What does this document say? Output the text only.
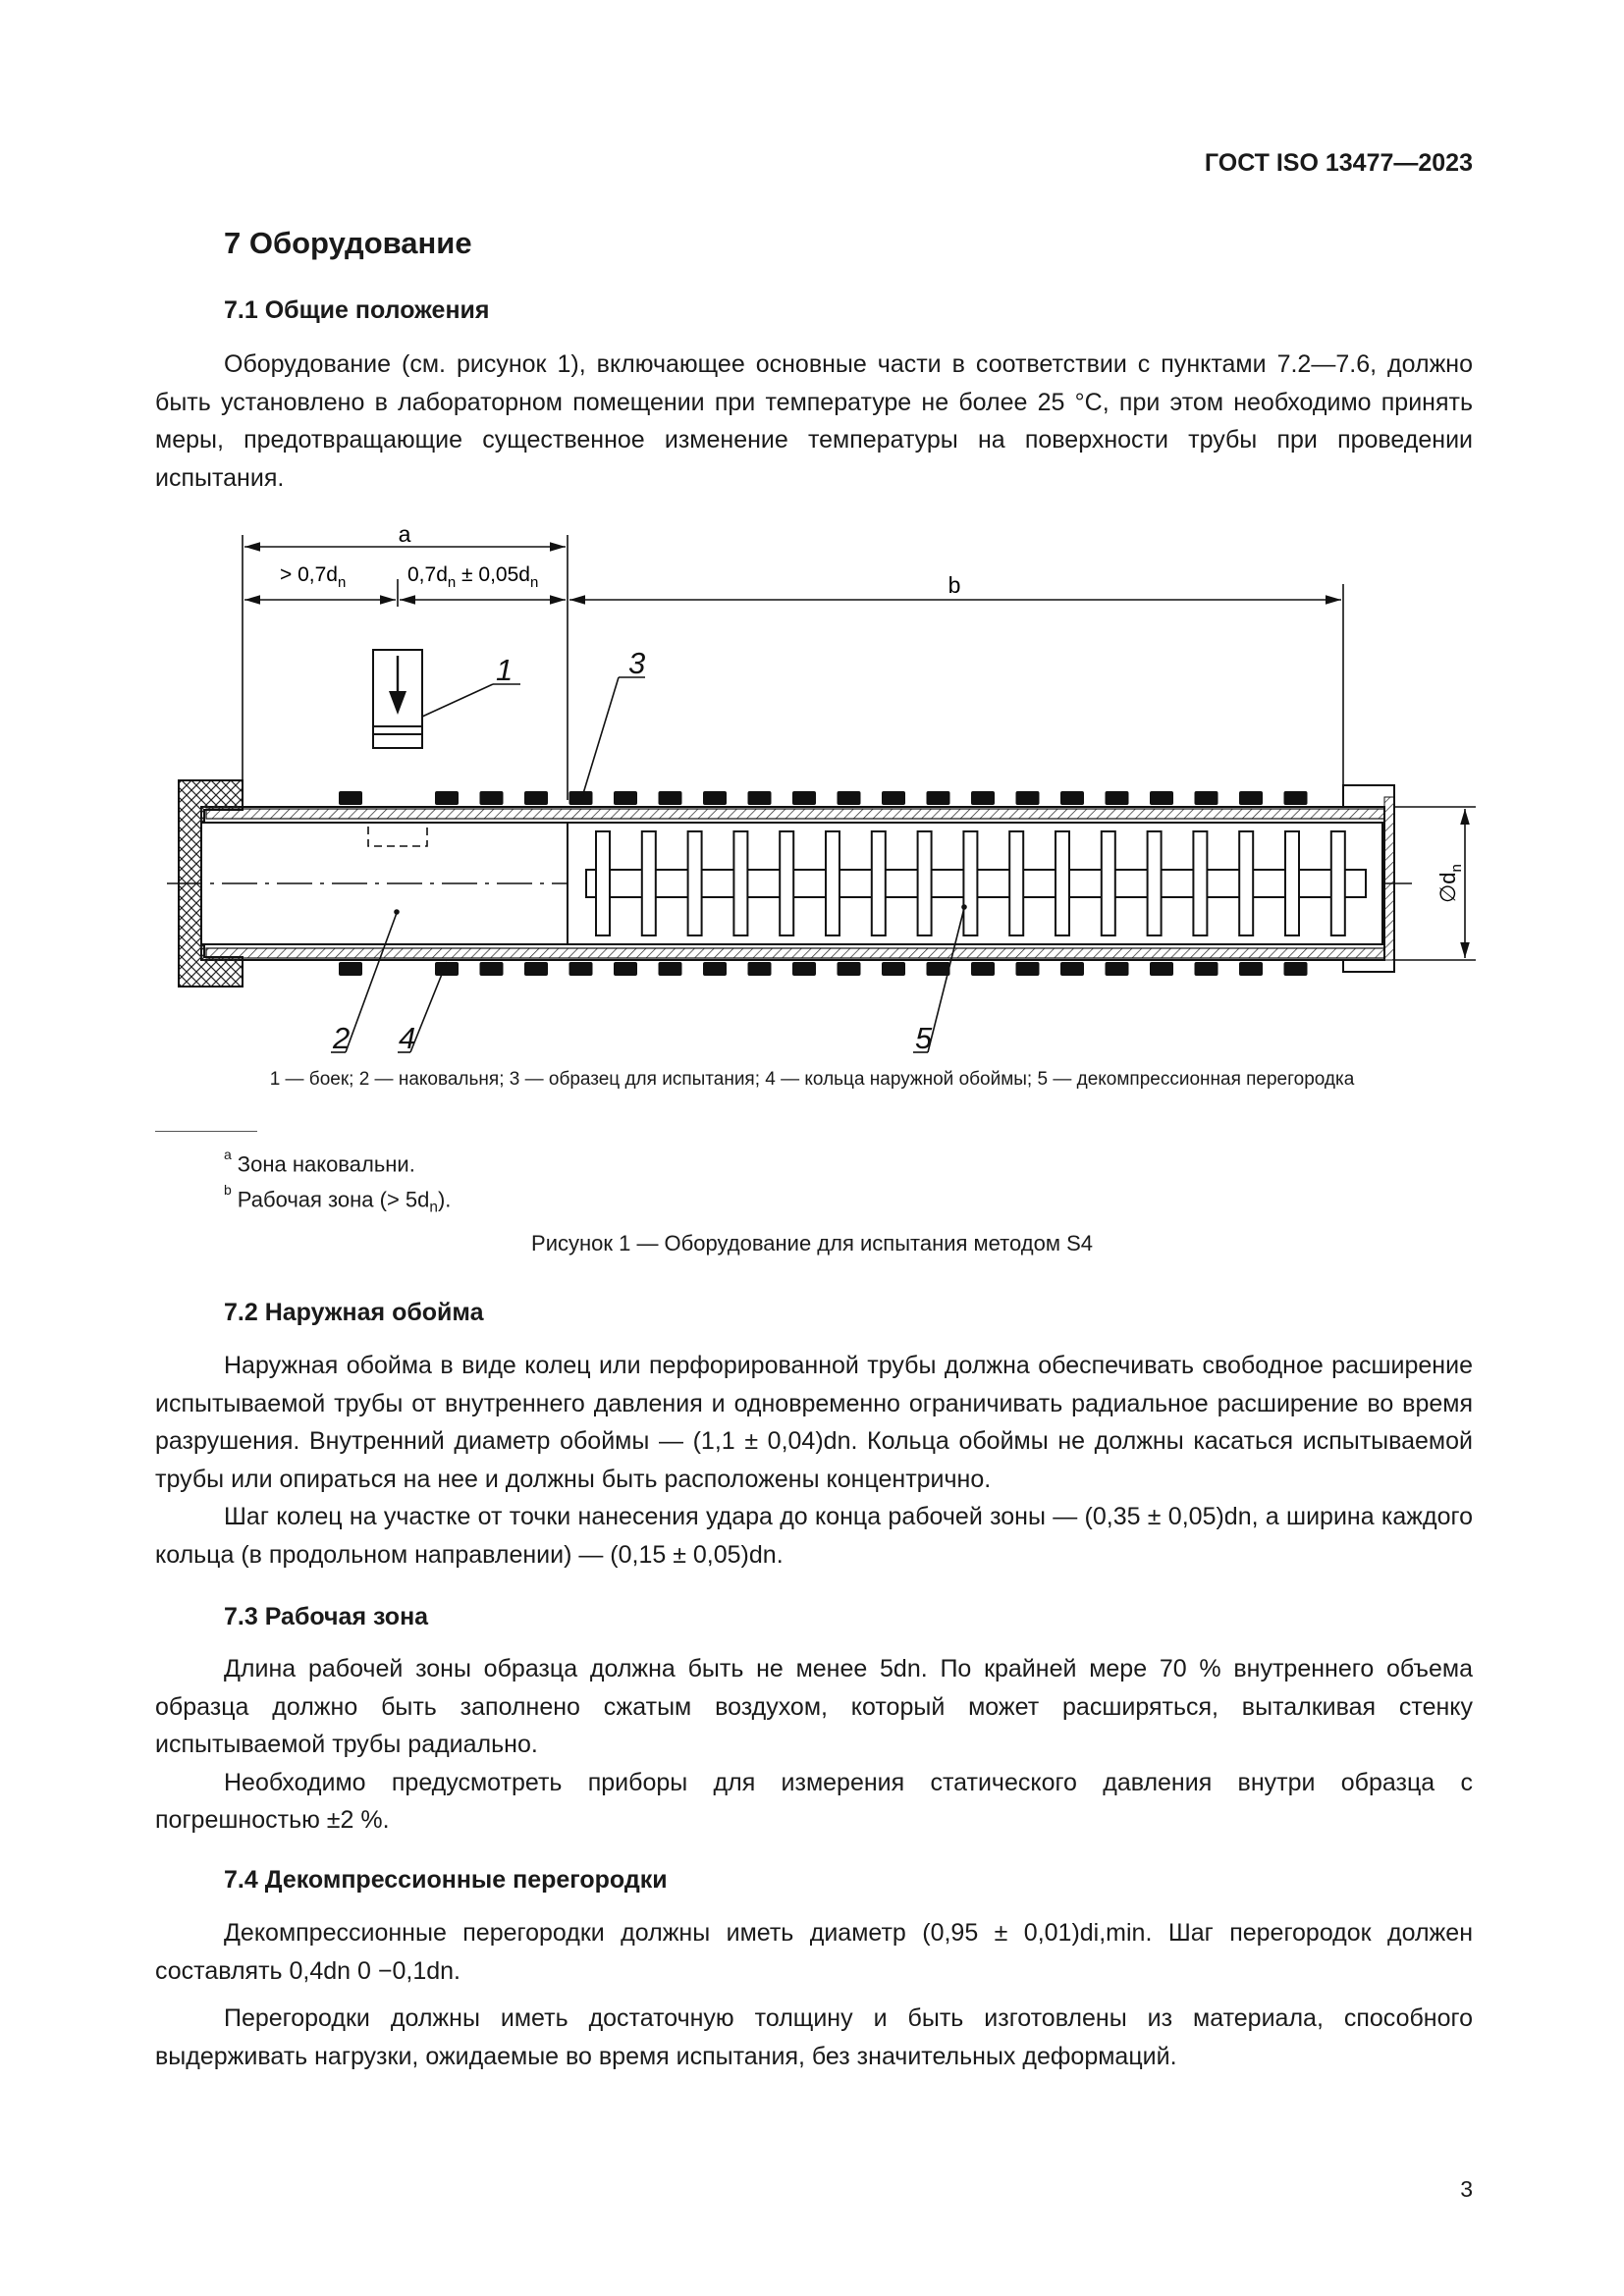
ГОСТ ISO 13477—2023
7 Оборудование
7.1 Общие положения

Оборудование (см. рисунок 1), включающее основные части в соответствии с пунктами 7.2—7.6, должно быть установлено в лабораторном помещении при температуре не более 25 °С, при этом необходимо принять меры, предотвращающие существенное изменение температуры на поверхности трубы при проведении испытания.

a
b
> $0,7d_n$	$0,7d_n \pm 0,05d_n$
$\emptyset d_n$
1	3
2 4	5
1 — боек; 2 — наковальня; 3 — образец для испытания; 4 — кольца наружной обоймы; 5 — декомпрессионная перегородка
$^a$ Зона наковальни.
$^b$ Рабочая зона (> $5d_n$).
Рисунок 1 — Оборудование для испытания методом S4
7.2 Наружная обойма

Наружная обойма в виде колец или перфорированной трубы должна обеспечивать свободное расширение испытываемой трубы от внутреннего давления и одновременно ограничивать радиальное расширение во время разрушения. Внутренний диаметр обоймы — (1,1 ± 0,04)dn. Кольца обоймы не должны касаться испытываемой трубы или опираться на нее и должны быть расположены концентрично.

Шаг колец на участке от точки нанесения удара до конца рабочей зоны — (0,35 ± 0,05)dn, а ширина каждого кольца (в продольном направлении) — (0,15 ± 0,05)dn.

7.3 Рабочая зона

Длина рабочей зоны образца должна быть не менее 5dn. По крайней мере 70 % внутреннего объема образца должно быть заполнено сжатым воздухом, который может расширяться, выталкивая стенку испытываемой трубы радиально.

Необходимо предусмотреть приборы для измерения статического давления внутри образца с погрешностью ±2 %.

7.4 Декомпрессионные перегородки

Декомпрессионные перегородки должны иметь диаметр (0,95 ± 0,01)di,min. Шаг перегородок должен составлять 0,4dn 0 −0,1dn.

Перегородки должны иметь достаточную толщину и быть изготовлены из материала, способного выдерживать нагрузки, ожидаемые во время испытания, без значительных деформаций.

3
